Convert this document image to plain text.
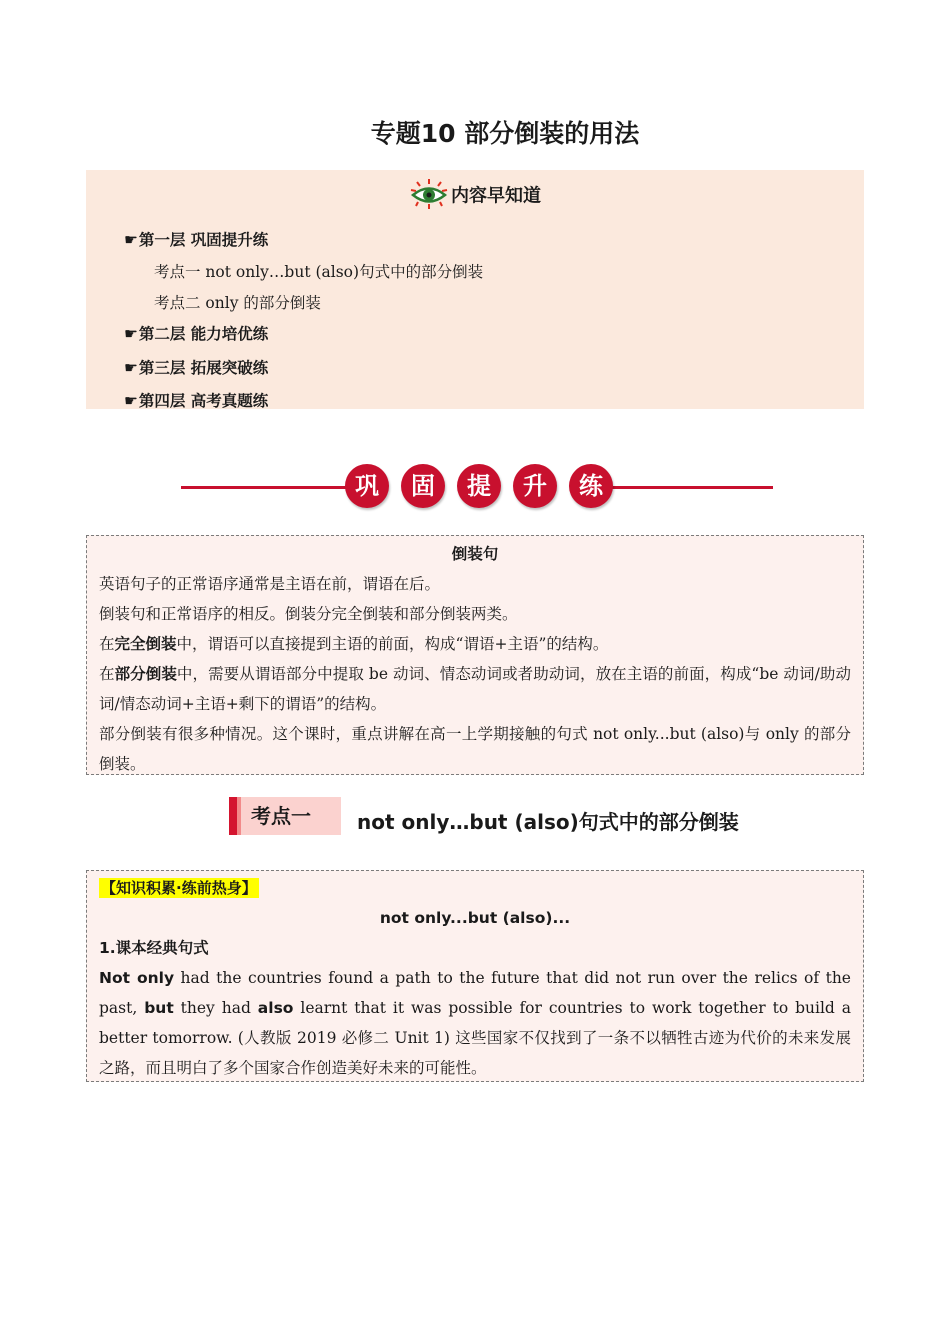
专题10 部分倒装的用法
内容早知道
☛第一层 巩固提升练
考点一 not only…but (also)句式中的部分倒装
考点二 only 的部分倒装
☛第二层 能力培优练
☛第三层 拓展突破练
☛第四层 高考真题练
巩	固	提	升	练
倒装句
英语句子的正常语序通常是主语在前，谓语在后。
倒装句和正常语序的相反。倒装分完全倒装和部分倒装两类。
在完全倒装中，谓语可以直接提到主语的前面，构成“谓语+主语”的结构。
在部分倒装中，需要从谓语部分中提取 be 动词、情态动词或者助动词，放在主语的前面，构成“be 动词/助动词/情态动词+主语+剩下的谓语”的结构。
部分倒装有很多种情况。这个课时，重点讲解在高一上学期接触的句式 not only...but (also)与 only 的部分倒装。
考点一	not only…but (also)句式中的部分倒装
【知识积累·练前热身】
not only...but (also)...
1.课本经典句式
Not only had the countries found a path to the future that did not run over the relics of the past, but they had also learnt that it was possible for countries to work together to build a better tomorrow. (人教版 2019 必修二 Unit 1) 这些国家不仅找到了一条不以牺牲古迹为代价的未来发展之路，而且明白了多个国家合作创造美好未来的可能性。
